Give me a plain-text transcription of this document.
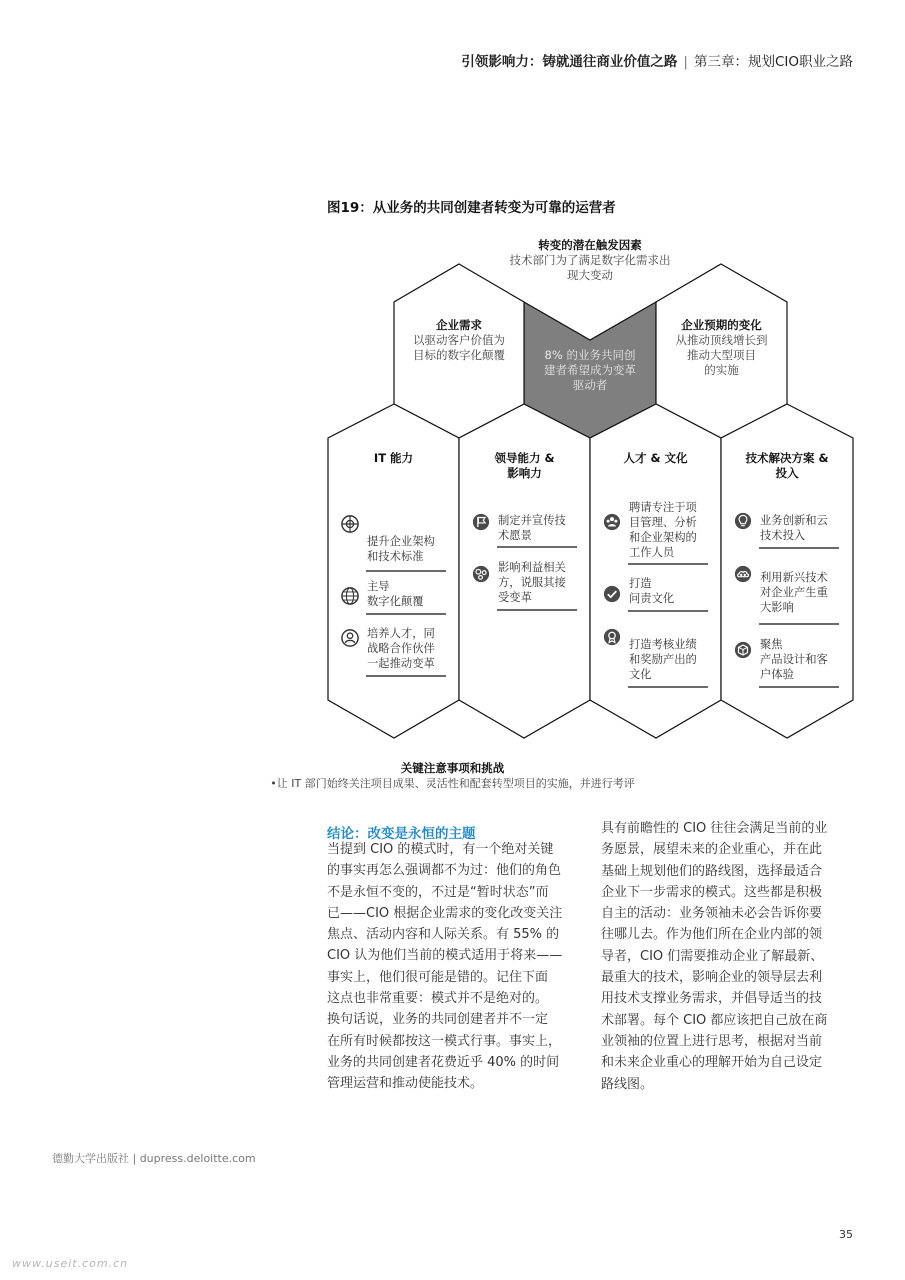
引领影响力：铸就通往商业价值之路 | 第三章：规划CIO职业之路
图19：从业务的共同创建者转变为可靠的运营者
转变的潜在触发因素
技术部门为了满足数字化需求出
现大变动
企业需求
以驱动客户价值为
目标的数字化颠覆	8% 的业务共同创
建者希望成为变革
驱动者
企业预期的变化
从推动顶线增长到
推动大型项目
的实施
IT 能力	领导能力 &
影响力
人才 & 文化	技术解决方案 &
投入
提升企业架构
和技术标准
主导
数字化颠覆
培养人才，同
战略合作伙伴
一起推动变革
制定并宣传技
术愿景
影响利益相关
方，说服其接
受变革
聘请专注于项
目管理、分析
和企业架构的
工作人员
打造
问责文化
打造考核业绩
和奖励产出的
文化
业务创新和云
技术投入
利用新兴技术
对企业产生重
大影响
聚焦
产品设计和客
户体验
关键注意事项和挑战
•让 IT 部门始终关注项目成果、灵活性和配套转型项目的实施，并进行考评
结论：改变是永恒的主题

当提到 CIO 的模式时，有一个绝对关键

的事实再怎么强调都不为过：他们的角色

不是永恒不变的，不过是“暂时状态”而

已——CIO 根据企业需求的变化改变关注

焦点、活动内容和人际关系。有 55% 的

CIO 认为他们当前的模式适用于将来——

事实上，他们很可能是错的。记住下面

这点也非常重要：模式并不是绝对的。

换句话说，业务的共同创建者并不一定

在所有时候都按这一模式行事。事实上，

业务的共同创建者花费近乎 40% 的时间

管理运营和推动使能技术。

具有前瞻性的 CIO 往往会满足当前的业

务愿景，展望未来的企业重心，并在此

基础上规划他们的路线图，选择最适合

企业下一步需求的模式。这些都是积极

自主的活动：业务领袖未必会告诉你要

往哪儿去。作为他们所在企业内部的领

导者，CIO 们需要推动企业了解最新、

最重大的技术，影响企业的领导层去利

用技术支撑业务需求，并倡导适当的技

术部署。每个 CIO 都应该把自己放在商

业领袖的位置上进行思考，根据对当前

和未来企业重心的理解开始为自己设定

路线图。

德勤大学出版社 | dupress.deloitte.com
35
www.useit.com.cn
